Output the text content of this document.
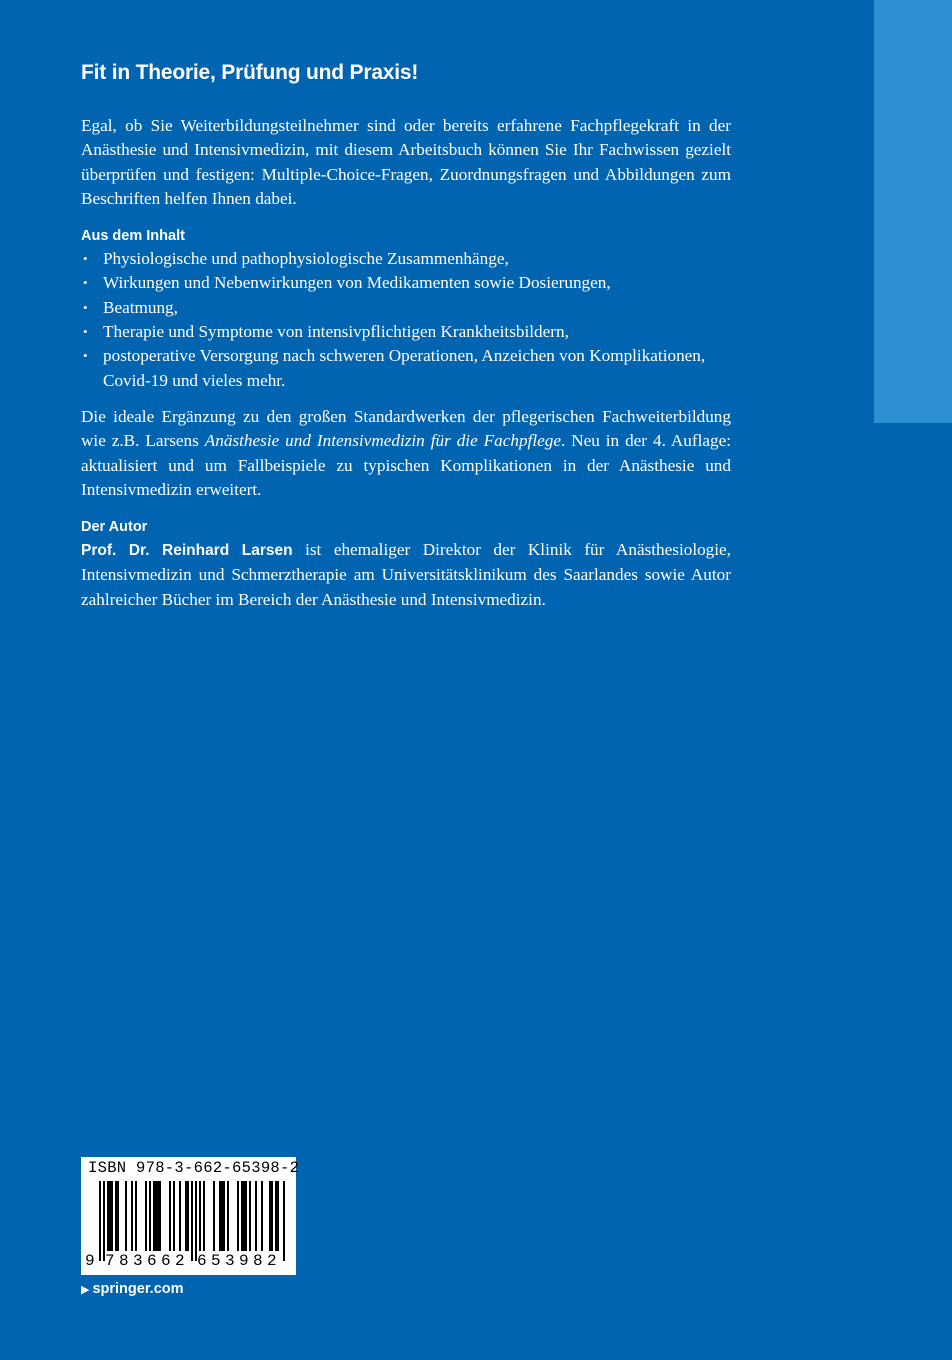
Fit in Theorie, Prüfung und Praxis!

Egal, ob Sie Weiterbildungsteilnehmer sind oder bereits erfahrene Fachpflegekraft in der Anästhesie und Intensivmedizin, mit diesem Arbeitsbuch können Sie Ihr Fachwissen gezielt überprüfen und festigen: Multiple-Choice-Fragen, Zuordnungsfragen und Abbildungen zum Beschriften helfen Ihnen dabei.

Aus dem Inhalt
• Physiologische und pathophysiologische Zusammenhänge,
• Wirkungen und Nebenwirkungen von Medikamenten sowie Dosierungen,
• Beatmung,
• Therapie und Symptome von intensivpflichtigen Krankheitsbildern,
• postoperative Versorgung nach schweren Operationen, Anzeichen von Komplikationen, Covid-19 und vieles mehr.

Die ideale Ergänzung zu den großen Standardwerken der pflegerischen Fachweiterbildung wie z.B. Larsens Anästhesie und Intensivmedizin für die Fachpflege. Neu in der 4. Auflage: aktualisiert und um Fallbeispiele zu typischen Komplikationen in der Anästhesie und Intensivmedizin erweitert.

Der Autor

Prof. Dr. Reinhard Larsen ist ehemaliger Direktor der Klinik für Anästhesiologie, Intensivmedizin und Schmerztherapie am Universitätsklinikum des Saarlandes sowie Autor zahlreicher Bücher im Bereich der Anästhesie und Intensivmedizin.

ISBN 978-3-662-65398-2
9 7 8 3 6 6 2 6 5 3 9 8 2
▶ springer.com
